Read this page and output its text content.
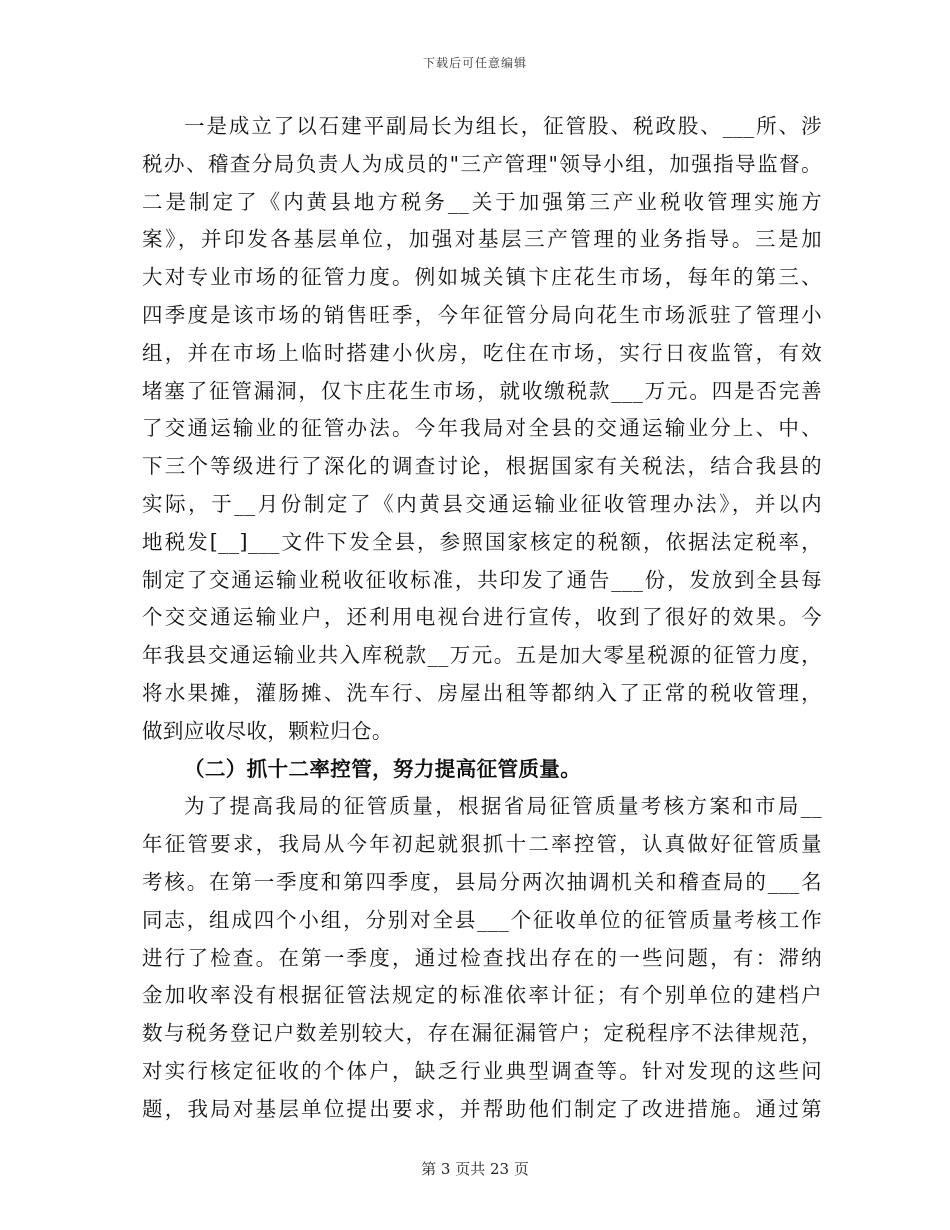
下载后可任意编辑
一是成立了以石建平副局长为组长，征管股、税政股、___所、涉
税办、稽查分局负责人为成员的"三产管理"领导小组，加强指导监督。
二是制定了《内黄县地方税务__关于加强第三产业税收管理实施方
案》，并印发各基层单位，加强对基层三产管理的业务指导。三是加
大对专业市场的征管力度。例如城关镇卞庄花生市场，每年的第三、
四季度是该市场的销售旺季，今年征管分局向花生市场派驻了管理小
组，并在市场上临时搭建小伙房，吃住在市场，实行日夜监管，有效
堵塞了征管漏洞，仅卞庄花生市场，就收缴税款___万元。四是否完善
了交通运输业的征管办法。今年我局对全县的交通运输业分上、中、
下三个等级进行了深化的调查讨论，根据国家有关税法，结合我县的
实际，于__月份制定了《内黄县交通运输业征收管理办法》，并以内
地税发[__]___文件下发全县，参照国家核定的税额，依据法定税率，
制定了交通运输业税收征收标准，共印发了通告___份，发放到全县每
个交交通运输业户，还利用电视台进行宣传，收到了很好的效果。今
年我县交通运输业共入库税款__万元。五是加大零星税源的征管力度，
将水果摊，灌肠摊、洗车行、房屋出租等都纳入了正常的税收管理，
做到应收尽收，颗粒归仓。
（二）抓十二率控管，努力提高征管质量。
为了提高我局的征管质量，根据省局征管质量考核方案和市局__
年征管要求，我局从今年初起就狠抓十二率控管，认真做好征管质量
考核。在第一季度和第四季度，县局分两次抽调机关和稽查局的___名
同志，组成四个小组，分别对全县___个征收单位的征管质量考核工作
进行了检查。在第一季度，通过检查找出存在的一些问题，有：滞纳
金加收率没有根据征管法规定的标准依率计征；有个别单位的建档户
数与税务登记户数差别较大，存在漏征漏管户；定税程序不法律规范，
对实行核定征收的个体户，缺乏行业典型调查等。针对发现的这些问
题，我局对基层单位提出要求，并帮助他们制定了改进措施。通过第
第 3 页共 23 页
